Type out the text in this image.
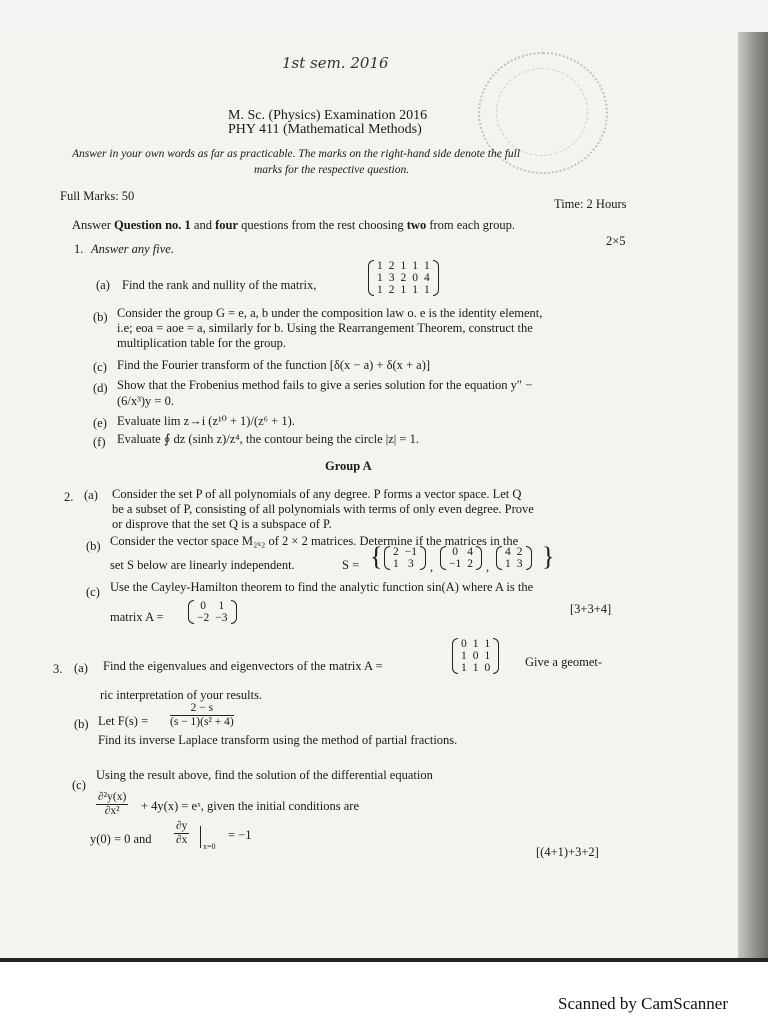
1st sem. 2016
M. Sc. (Physics) Examination 2016
PHY 411 (Mathematical Methods)
Answer in your own words as far as practicable. The marks on the right-hand side denote the full
marks for the respective question.
Full Marks: 50
Time: 2 Hours
Answer Question no. 1 and four questions from the rest choosing two from each group.
1. Answer any five.
2×5
(a) Find the rank and nullity of the matrix,
1	2	1	1	1
1	3	2	0	4
1	2	1	1	1
(b) Consider the group G = e, a, b under the composition law o. e is the identity element,
i.e; eoa = aoe = a, similarly for b. Using the Rearrangement Theorem, construct the
multiplication table for the group.
(c) Find the Fourier transform of the function [δ(x − a) + δ(x + a)]
(d) Show that the Frobenius method fails to give a series solution for the equation y″ −
(6/x³)y = 0.
(e) Evaluate lim z→i (z¹⁰ + 1)/(z⁶ + 1).
(f) Evaluate ∮ dz (sinh z)/z⁴, the contour being the circle |z| = 1.
Group A
2. (a) Consider the set P of all polynomials of any degree. P forms a vector space. Let Q
be a subset of P, consisting of all polynomials with terms of only even degree. Prove
or disprove that the set Q is a subspace of P.
(b) Consider the vector space M₂ₓ₂ of 2 × 2 matrices. Determine if the matrices in the
set S below are linearly independent.	S = { 2	−1
1	3 ,
0	4
−1	2 ,
4	2
1	3 }
(c) Use the Cayley-Hamilton theorem to find the analytic function sin(A) where A is the
matrix A =
0	1
−2	−3
[3+3+4]
3. (a) Find the eigenvalues and eigenvectors of the matrix A =
0	1	1
1	0	1
1	1	0	Give a geomet-
ric interpretation of your results.
(b) Let $F(s) = \frac{2 - s}{\text{(s − 1)(s² + 4)}}$
Find its inverse Laplace transform using the method of partial fractions.
(c)
Using the result above, find the solution of the differential equation
$\frac{\text{∂²y(x)}}{\text{∂x²}} + 4y(x)$ = eˣ, given the initial conditions are
y(0) = 0 and $\frac{\partial y}{\partial x} x=0$
= −1
[(4+1)+3+2]
Scanned by CamScanner
